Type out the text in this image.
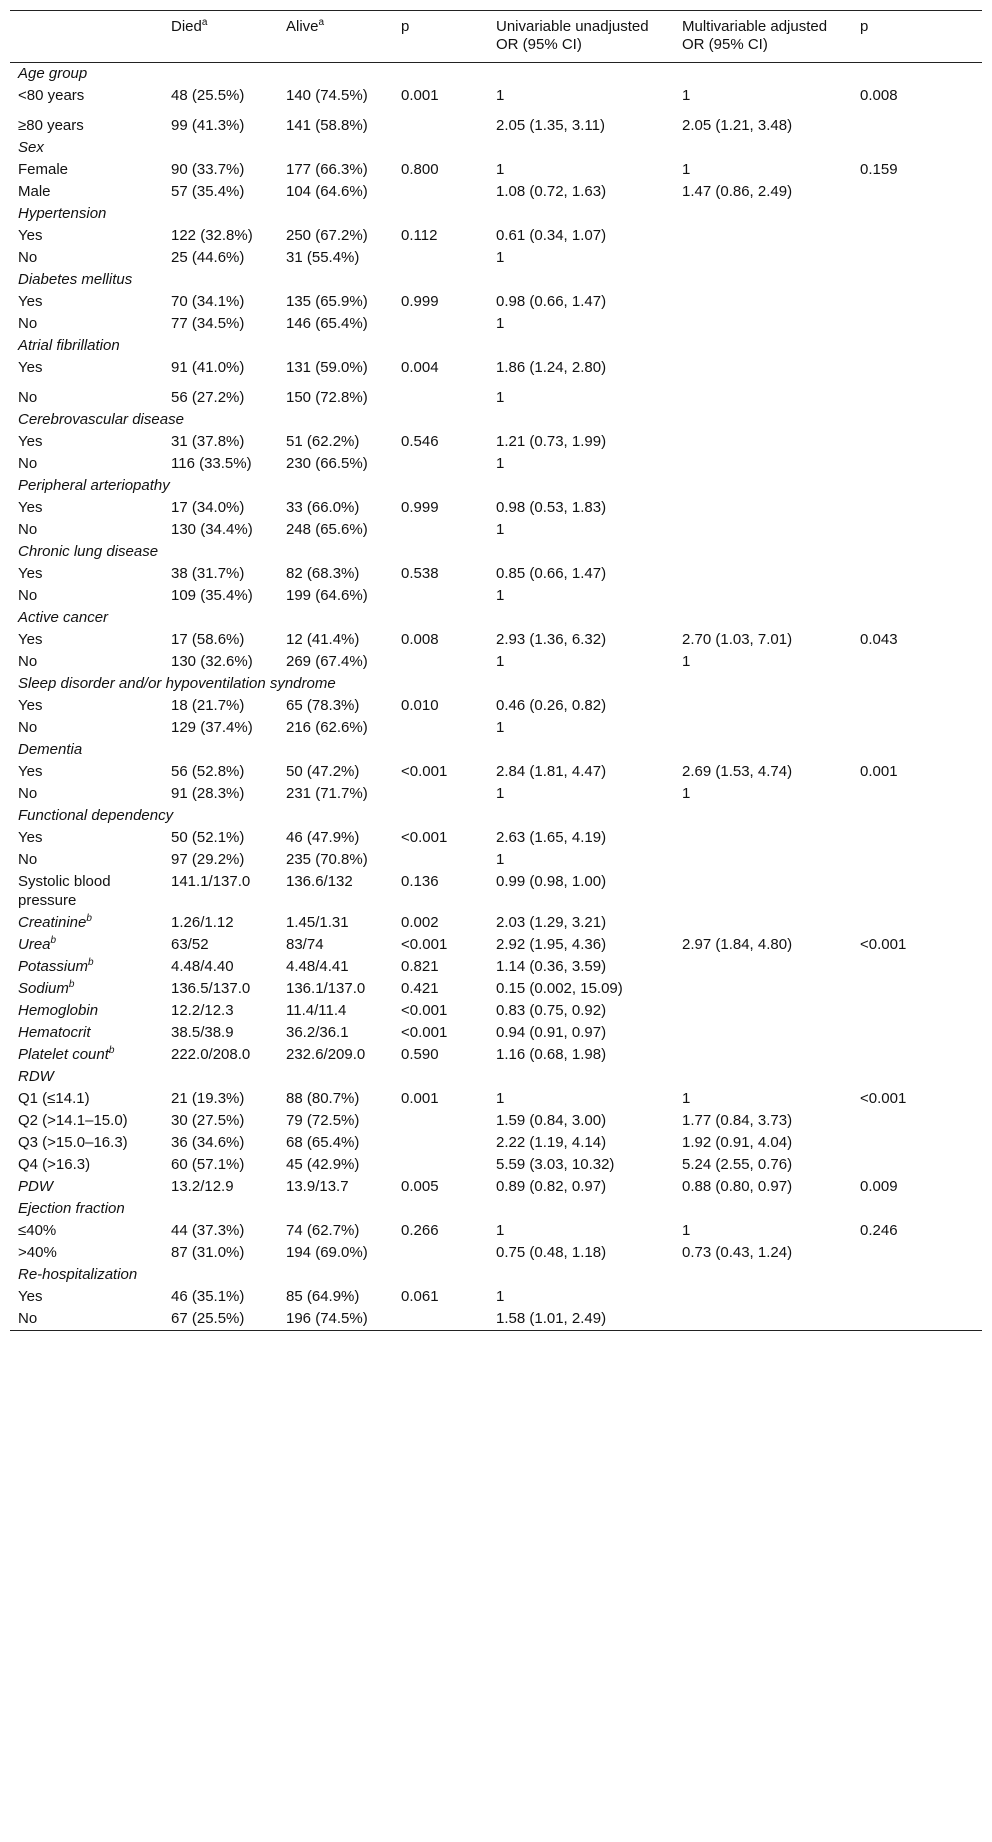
	Died$^a$	Alive$^a$	p	Univariable unadjusted OR (95% CI)	Multivariable adjusted OR (95% CI)	p
Age group						
<80 years	48 (25.5%)	140 (74.5%)	0.001	1	1	0.008
≥80 years	99 (41.3%)	141 (58.8%)		2.05 (1.35, 3.11)	2.05 (1.21, 3.48)	
Sex						
Female	90 (33.7%)	177 (66.3%)	0.800	1	1	0.159
Male	57 (35.4%)	104 (64.6%)		1.08 (0.72, 1.63)	1.47 (0.86, 2.49)	
Hypertension						
Yes	122 (32.8%)	250 (67.2%)	0.112	0.61 (0.34, 1.07)		
No	25 (44.6%)	31 (55.4%)		1		
Diabetes mellitus						
Yes	70 (34.1%)	135 (65.9%)	0.999	0.98 (0.66, 1.47)		
No	77 (34.5%)	146 (65.4%)		1		
Atrial fibrillation						
Yes	91 (41.0%)	131 (59.0%)	0.004	1.86 (1.24, 2.80)		
No	56 (27.2%)	150 (72.8%)		1		
Cerebrovascular disease						
Yes	31 (37.8%)	51 (62.2%)	0.546	1.21 (0.73, 1.99)		
No	116 (33.5%)	230 (66.5%)		1		
Peripheral arteriopathy						
Yes	17 (34.0%)	33 (66.0%)	0.999	0.98 (0.53, 1.83)		
No	130 (34.4%)	248 (65.6%)		1		
Chronic lung disease						
Yes	38 (31.7%)	82 (68.3%)	0.538	0.85 (0.66, 1.47)		
No	109 (35.4%)	199 (64.6%)		1		
Active cancer						
Yes	17 (58.6%)	12 (41.4%)	0.008	2.93 (1.36, 6.32)	2.70 (1.03, 7.01)	0.043
No	130 (32.6%)	269 (67.4%)		1	1	
Sleep disorder and/or hypoventilation syndrome						
Yes	18 (21.7%)	65 (78.3%)	0.010	0.46 (0.26, 0.82)		
No	129 (37.4%)	216 (62.6%)		1		
Dementia						
Yes	56 (52.8%)	50 (47.2%)	<0.001	2.84 (1.81, 4.47)	2.69 (1.53, 4.74)	0.001
No	91 (28.3%)	231 (71.7%)		1	1	
Functional dependency						
Yes	50 (52.1%)	46 (47.9%)	<0.001	2.63 (1.65, 4.19)		
No	97 (29.2%)	235 (70.8%)		1		
Systolic blood pressure	141.1/137.0	136.6/132	0.136	0.99 (0.98, 1.00)		
Creatinine$^b$	1.26/1.12	1.45/1.31	0.002	2.03 (1.29, 3.21)		
Urea$^b$	63/52	83/74	<0.001	2.92 (1.95, 4.36)	2.97 (1.84, 4.80)	<0.001
Potassium$^b$	4.48/4.40	4.48/4.41	0.821	1.14 (0.36, 3.59)		
Sodium$^b$	136.5/137.0	136.1/137.0	0.421	0.15 (0.002, 15.09)		
Hemoglobin	12.2/12.3	11.4/11.4	<0.001	0.83 (0.75, 0.92)		
Hematocrit	38.5/38.9	36.2/36.1	<0.001	0.94 (0.91, 0.97)		
Platelet count$^b$	222.0/208.0	232.6/209.0	0.590	1.16 (0.68, 1.98)		
RDW						
Q1 (≤14.1)	21 (19.3%)	88 (80.7%)	0.001	1	1	<0.001
Q2 (>14.1–15.0)	30 (27.5%)	79 (72.5%)		1.59 (0.84, 3.00)	1.77 (0.84, 3.73)	
Q3 (>15.0–16.3)	36 (34.6%)	68 (65.4%)		2.22 (1.19, 4.14)	1.92 (0.91, 4.04)	
Q4 (>16.3)	60 (57.1%)	45 (42.9%)		5.59 (3.03, 10.32)	5.24 (2.55, 0.76)	
PDW	13.2/12.9	13.9/13.7	0.005	0.89 (0.82, 0.97)	0.88 (0.80, 0.97)	0.009
Ejection fraction						
≤40%	44 (37.3%)	74 (62.7%)	0.266	1	1	0.246
>40%	87 (31.0%)	194 (69.0%)		0.75 (0.48, 1.18)	0.73 (0.43, 1.24)	
Re-hospitalization						
Yes	46 (35.1%)	85 (64.9%)	0.061	1		
No	67 (25.5%)	196 (74.5%)		1.58 (1.01, 2.49)		
